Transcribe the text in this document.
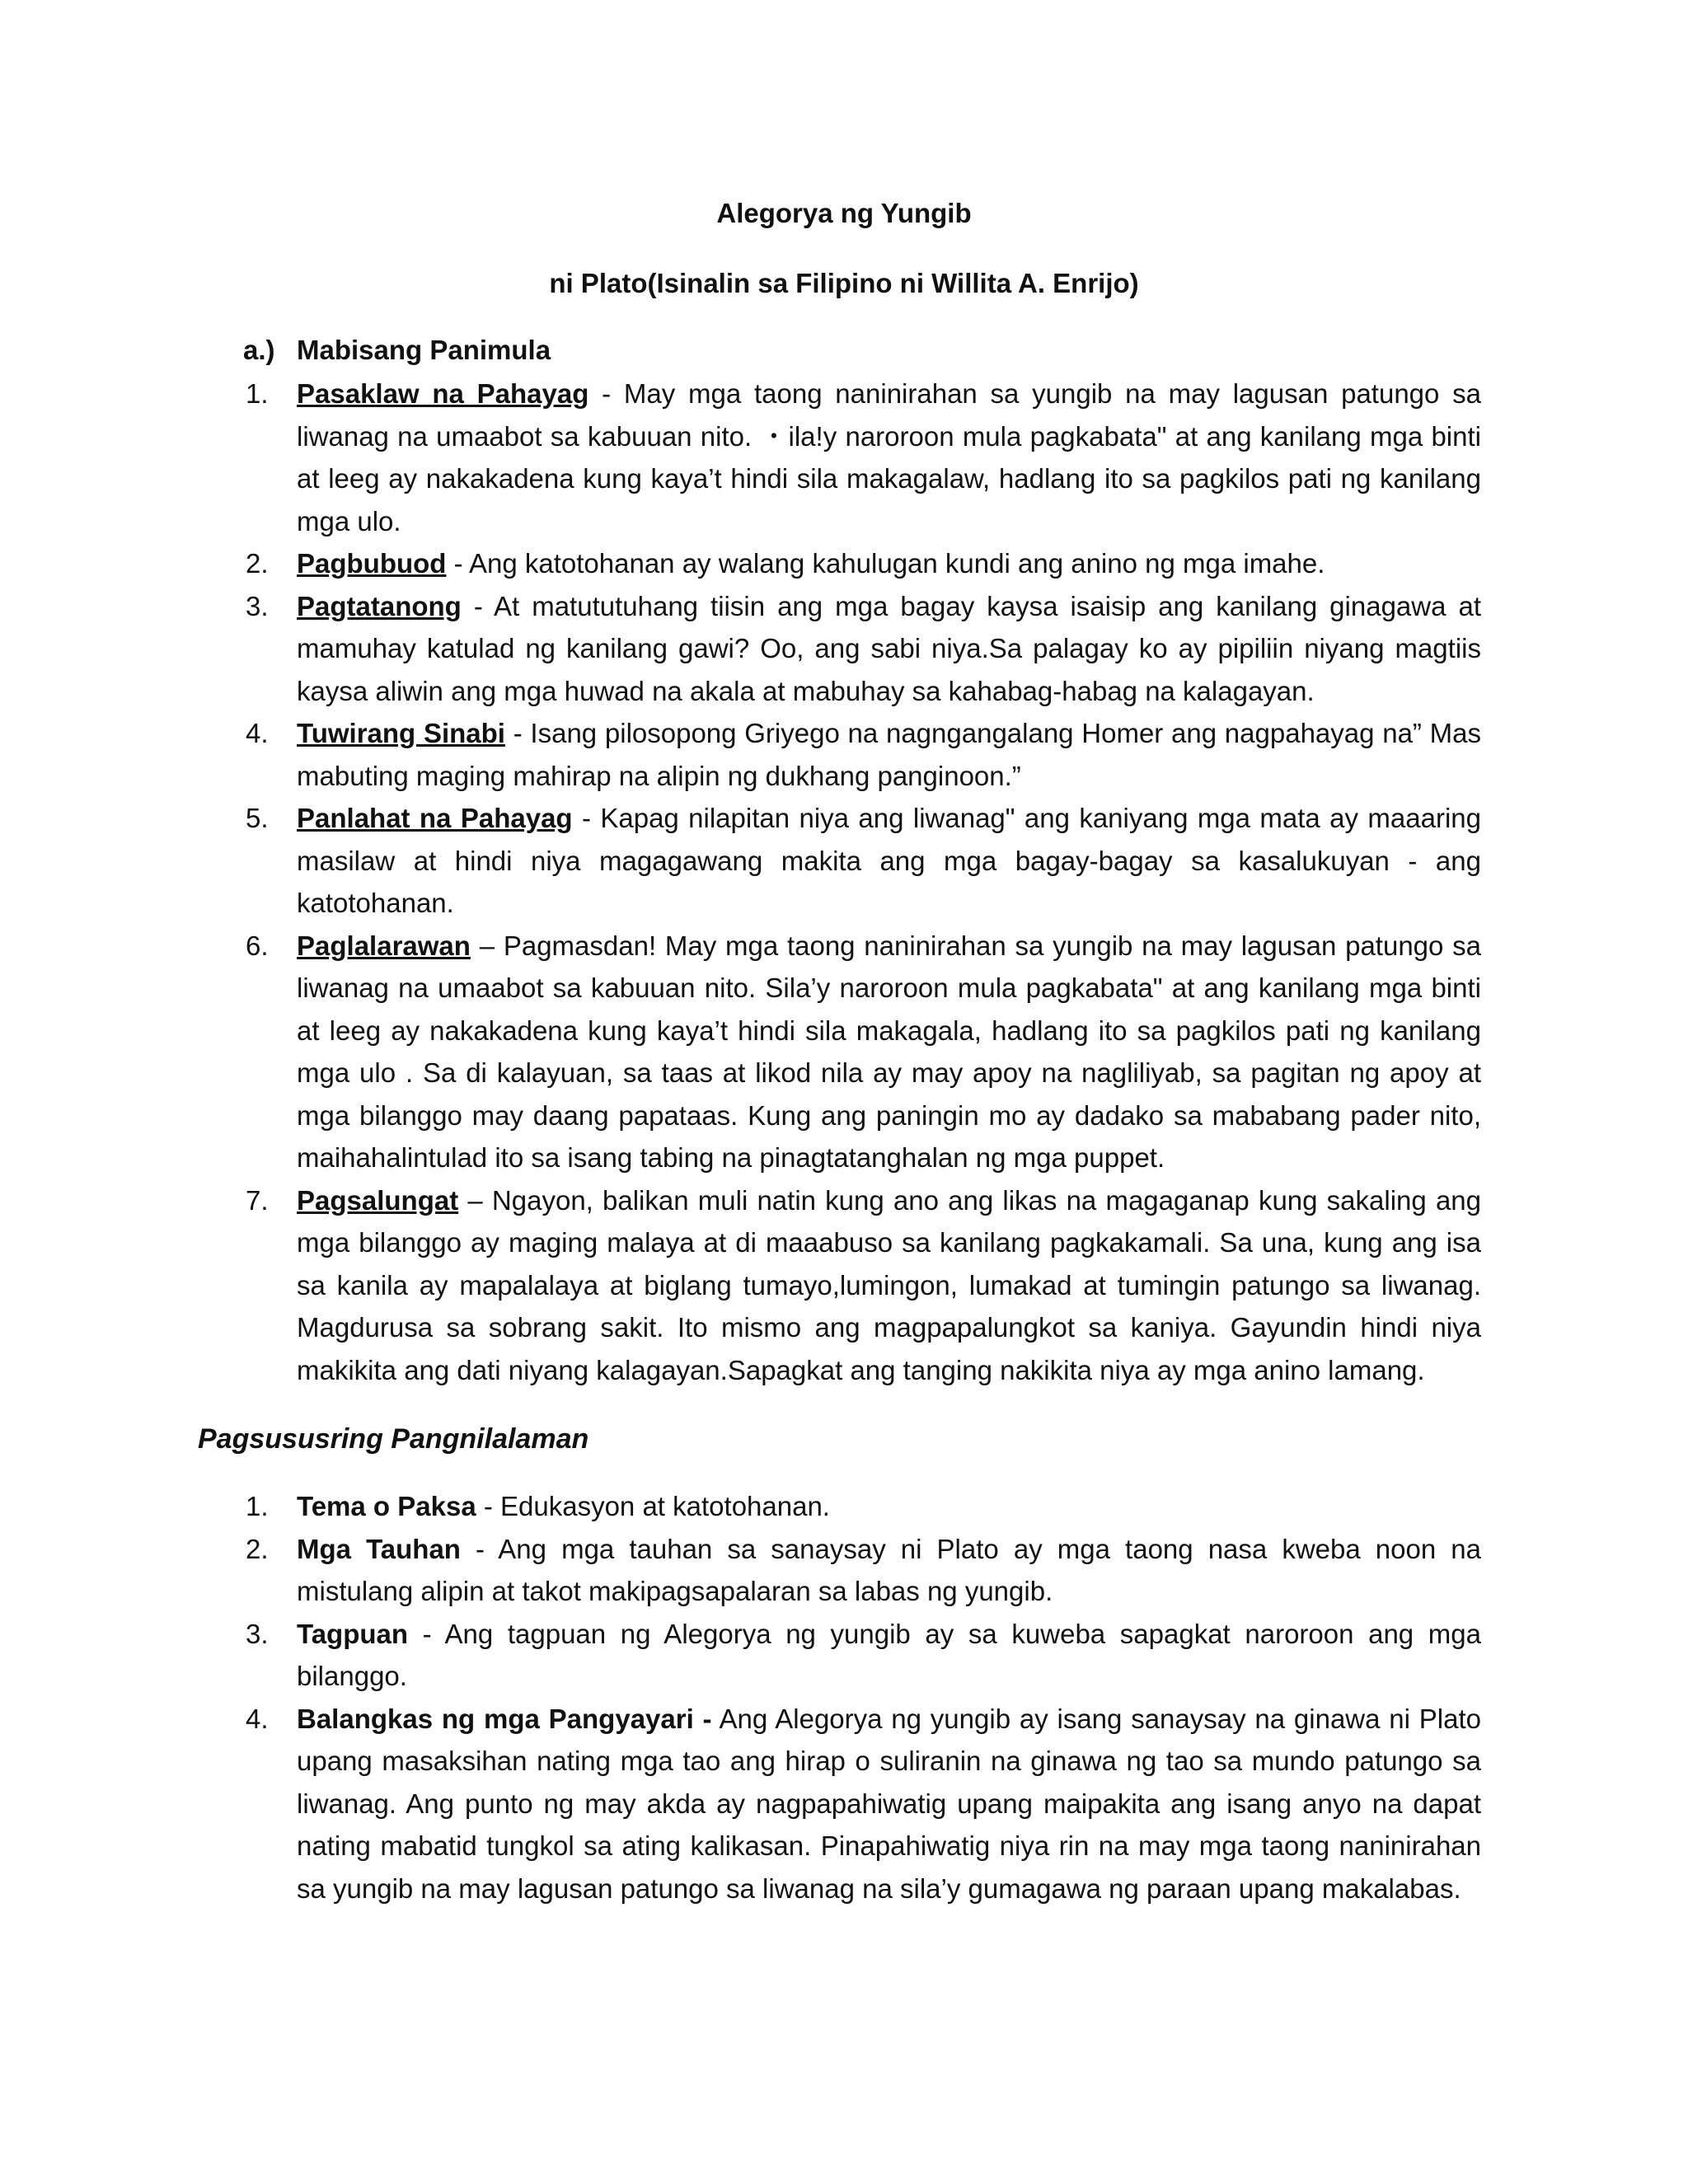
Alegorya ng Yungib
ni Plato(Isinalin sa Filipino ni Willita A. Enrijo)
a.) Mabisang Panimula
1. Pasaklaw na Pahayag - May mga taong naninirahan sa yungib na may lagusan patungo sa liwanag na umaabot sa kabuuan nito. ・ila!y naroroon mula pagkabata" at ang kanilang mga binti at leeg ay nakakadena kung kaya’t hindi sila makagalaw, hadlang ito sa pagkilos pati ng kanilang mga ulo.
2. Pagbubuod - Ang katotohanan ay walang kahulugan kundi ang anino ng mga imahe.
3. Pagtatanong - At matututuhang tiisin ang mga bagay kaysa isaisip ang kanilang ginagawa at mamuhay katulad ng kanilang gawi? Oo, ang sabi niya.Sa palagay ko ay pipiliin niyang magtiis kaysa aliwin ang mga huwad na akala at mabuhay sa kahabag-habag na kalagayan.
4. Tuwirang Sinabi - Isang pilosopong Griyego na nagngangalang Homer ang nagpahayag na” Mas mabuting maging mahirap na alipin ng dukhang panginoon.”
5. Panlahat na Pahayag - Kapag nilapitan niya ang liwanag" ang kaniyang mga mata ay maaaring masilaw at hindi niya magagawang makita ang mga bagay-bagay sa kasalukuyan - ang katotohanan.
6. Paglalarawan – Pagmasdan! May mga taong naninirahan sa yungib na may lagusan patungo sa liwanag na umaabot sa kabuuan nito. Sila’y naroroon mula pagkabata" at ang kanilang mga binti at leeg ay nakakadena kung kaya’t hindi sila makagala, hadlang ito sa pagkilos pati ng kanilang mga ulo . Sa di kalayuan, sa taas at likod nila ay may apoy na nagliliyab, sa pagitan ng apoy at mga bilanggo may daang papataas. Kung ang paningin mo ay dadako sa mababang pader nito, maihahalintulad ito sa isang tabing na pinagtatanghalan ng mga puppet.
7. Pagsalungat – Ngayon, balikan muli natin kung ano ang likas na magaganap kung sakaling ang mga bilanggo ay maging malaya at di maaabuso sa kanilang pagkakamali. Sa una, kung ang isa sa kanila ay mapalalaya at biglang tumayo,lumingon, lumakad at tumingin patungo sa liwanag. Magdurusa sa sobrang sakit. Ito mismo ang magpapalungkot sa kaniya. Gayundin hindi niya makikita ang dati niyang kalagayan.Sapagkat ang tanging nakikita niya ay mga anino lamang.
Pagsususring Pangnilalaman
1. Tema o Paksa - Edukasyon at katotohanan.
2. Mga Tauhan - Ang mga tauhan sa sanaysay ni Plato ay mga taong nasa kweba noon na mistulang alipin at takot makipagsapalaran sa labas ng yungib.
3. Tagpuan - Ang tagpuan ng Alegorya ng yungib ay sa kuweba sapagkat naroroon ang mga bilanggo.
4. Balangkas ng mga Pangyayari - Ang Alegorya ng yungib ay isang sanaysay na ginawa ni Plato upang masaksihan nating mga tao ang hirap o suliranin na ginawa ng tao sa mundo patungo sa liwanag. Ang punto ng may akda ay nagpapahiwatig upang maipakita ang isang anyo na dapat nating mabatid tungkol sa ating kalikasan. Pinapahiwatig niya rin na may mga taong naninirahan sa yungib na may lagusan patungo sa liwanag na sila’y gumagawa ng paraan upang makalabas.
